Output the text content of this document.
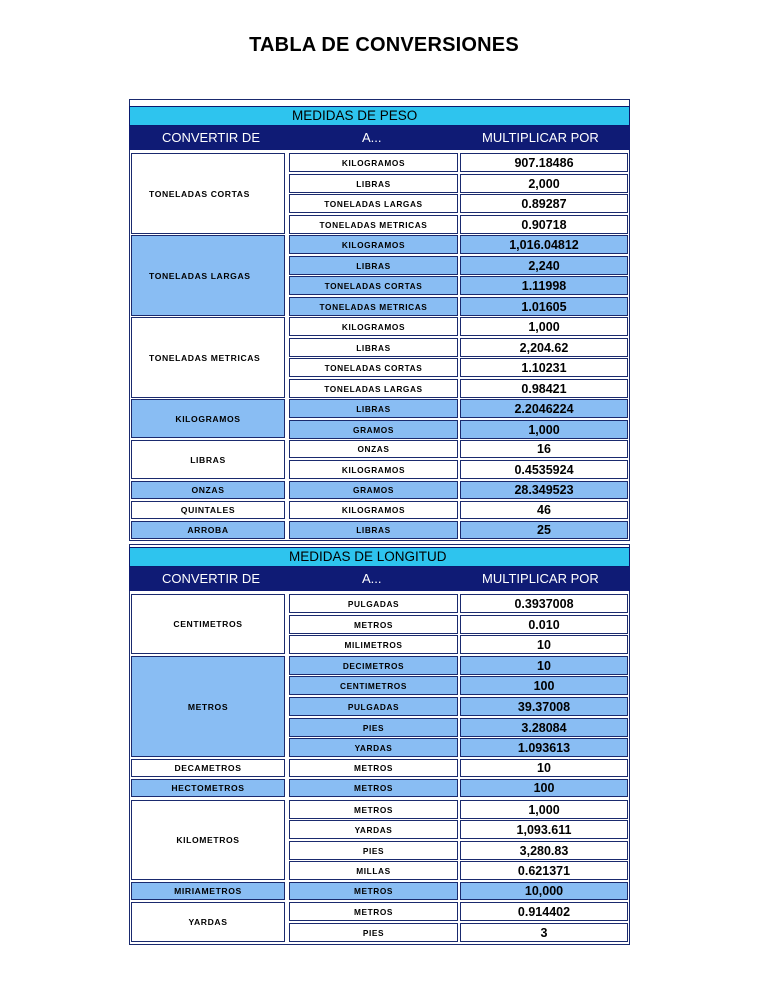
TABLA DE CONVERSIONES
MEDIDAS DE PESO
CONVERTIR DE	A...	MULTIPLICAR POR
TONELADAS CORTAS
KILOGRAMOS	907.18486
LIBRAS	2,000
TONELADAS LARGAS	0.89287
TONELADAS METRICAS	0.90718
TONELADAS LARGAS
KILOGRAMOS	1,016.04812
LIBRAS	2,240
TONELADAS CORTAS	1.11998
TONELADAS METRICAS	1.01605
TONELADAS METRICAS
KILOGRAMOS	1,000
LIBRAS	2,204.62
TONELADAS CORTAS	1.10231
TONELADAS LARGAS	0.98421
KILOGRAMOS
LIBRAS	2.2046224
GRAMOS	1,000
LIBRAS
ONZAS	16
KILOGRAMOS	0.4535924
ONZAS	GRAMOS	28.349523
QUINTALES	KILOGRAMOS	46
ARROBA	LIBRAS	25
MEDIDAS DE LONGITUD
CONVERTIR DE	A...	MULTIPLICAR POR
CENTIMETROS
PULGADAS	0.3937008
METROS	0.010
MILIMETROS	10
METROS
DECIMETROS	10
CENTIMETROS	100
PULGADAS	39.37008
PIES	3.28084
YARDAS	1.093613
DECAMETROS	METROS	10
HECTOMETROS	METROS	100
KILOMETROS
METROS	1,000
YARDAS	1,093.611
PIES	3,280.83
MILLAS	0.621371
MIRIAMETROS	METROS	10,000
YARDAS
METROS	0.914402
PIES	3
